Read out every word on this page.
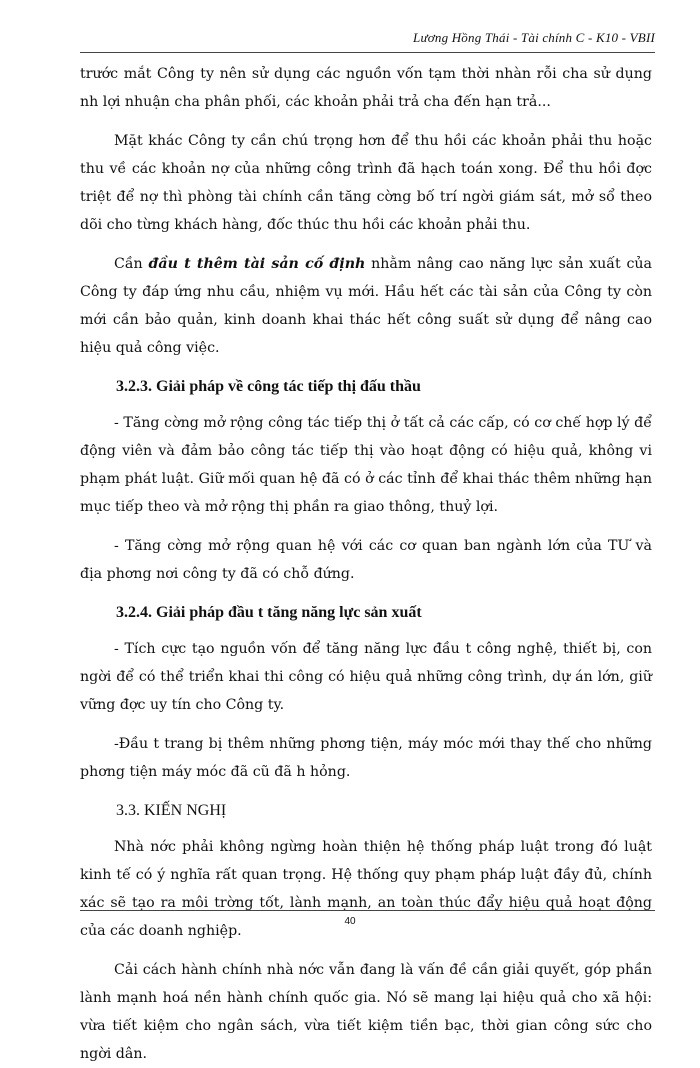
Lương Hồng Thái - Tài chính C - K10 - VBII

trước mắt Công ty nên sử dụng các nguồn vốn tạm thời nhàn rỗi cha sử dụng nh lợi nhuận cha phân phối, các khoản phải trả cha đến hạn trả...

Mặt khác Công ty cần chú trọng hơn để thu hồi các khoản phải thu hoặc thu về các khoản nợ của những công trình đã hạch toán xong. Để thu hồi đợc triệt để nợ thì phòng tài chính cần tăng cờng bố trí ngời giám sát, mở sổ theo dõi cho từng khách hàng, đốc thúc thu hồi các khoản phải thu.

Cần đầu t thêm tài sản cố định nhằm nâng cao năng lực sản xuất của Công ty đáp ứng nhu cầu, nhiệm vụ mới. Hầu hết các tài sản của Công ty còn mới cần bảo quản, kinh doanh khai thác hết công suất sử dụng để nâng cao hiệu quả công việc.

3.2.3. Giải pháp về công tác tiếp thị đấu thầu

- Tăng cờng mở rộng công tác tiếp thị ở tất cả các cấp, có cơ chế hợp lý để động viên và đảm bảo công tác tiếp thị vào hoạt động có hiệu quả, không vi phạm phát luật. Giữ mối quan hệ đã có ở các tỉnh để khai thác thêm những hạn mục tiếp theo và mở rộng thị phần ra giao thông, thuỷ lợi.

- Tăng cờng mở rộng quan hệ với các cơ quan ban ngành lớn của TƯ và địa phơng nơi công ty đã có chỗ đứng.

3.2.4. Giải pháp đầu t tăng năng lực sản xuất

- Tích cực tạo nguồn vốn để tăng năng lực đầu t công nghệ, thiết bị, con ngời để có thể triển khai thi công có hiệu quả những công trình, dự án lớn, giữ vững đợc uy tín cho Công ty.

-Đầu t trang bị thêm những phơng tiện, máy móc mới thay thế cho những phơng tiện máy móc đã cũ đã h hỏng.

3.3. KIẾN NGHỊ

Nhà nớc phải không ngừng hoàn thiện hệ thống pháp luật trong đó luật kinh tế có ý nghĩa rất quan trọng. Hệ thống quy phạm pháp luật đầy đủ, chính xác sẽ tạo ra môi trờng tốt, lành mạnh, an toàn thúc đẩy hiệu quả hoạt động của các doanh nghiệp.

Cải cách hành chính nhà nớc vẫn đang là vấn đề cần giải quyết, góp phần lành mạnh hoá nền hành chính quốc gia. Nó sẽ mang lại hiệu quả cho xã hội: vừa tiết kiệm cho ngân sách, vừa tiết kiệm tiền bạc, thời gian công sức cho ngời dân.

40
